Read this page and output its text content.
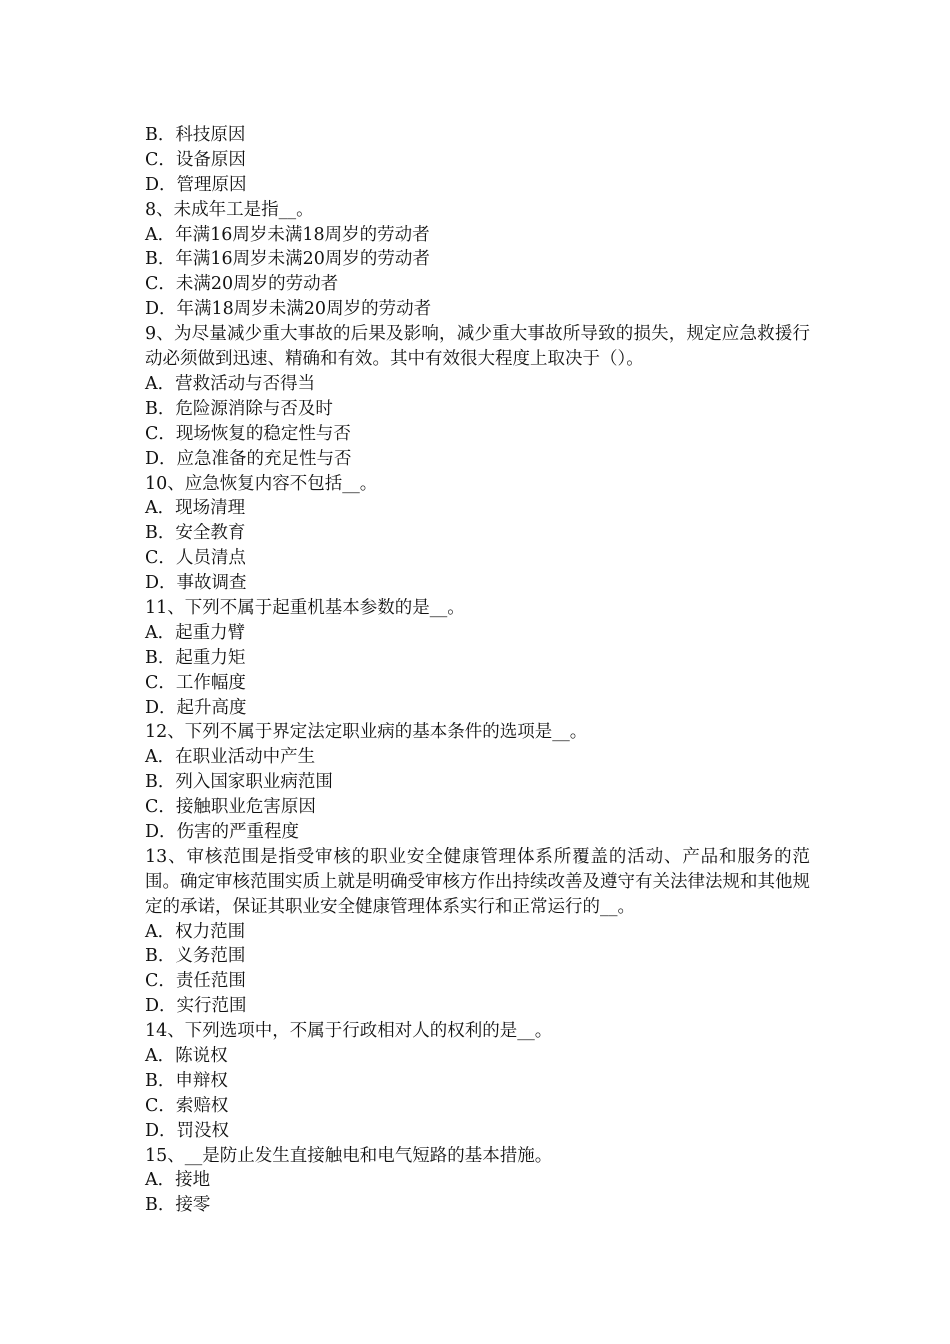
B．科技原因

C．设备原因

D．管理原因

8、未成年工是指__。

A．年满16周岁未满18周岁的劳动者

B．年满16周岁未满20周岁的劳动者

C．未满20周岁的劳动者

D．年满18周岁未满20周岁的劳动者

9、为尽量减少重大事故的后果及影响，减少重大事故所导致的损失，规定应急救援行动必须做到迅速、精确和有效。其中有效很大程度上取决于（）。

A．营救活动与否得当

B．危险源消除与否及时

C．现场恢复的稳定性与否

D．应急准备的充足性与否

10、应急恢复内容不包括__。

A．现场清理

B．安全教育

C．人员清点

D．事故调查

11、下列不属于起重机基本参数的是__。

A．起重力臂

B．起重力矩

C．工作幅度

D．起升高度

12、下列不属于界定法定职业病的基本条件的选项是__。

A．在职业活动中产生

B．列入国家职业病范围

C．接触职业危害原因

D．伤害的严重程度

13、审核范围是指受审核的职业安全健康管理体系所覆盖的活动、产品和服务的范围。确定审核范围实质上就是明确受审核方作出持续改善及遵守有关法律法规和其他规定的承诺，保证其职业安全健康管理体系实行和正常运行的__。

A．权力范围

B．义务范围

C．责任范围

D．实行范围

14、下列选项中，不属于行政相对人的权利的是__。

A．陈说权

B．申辩权

C．索赔权

D．罚没权

15、__是防止发生直接触电和电气短路的基本措施。

A．接地

B．接零
